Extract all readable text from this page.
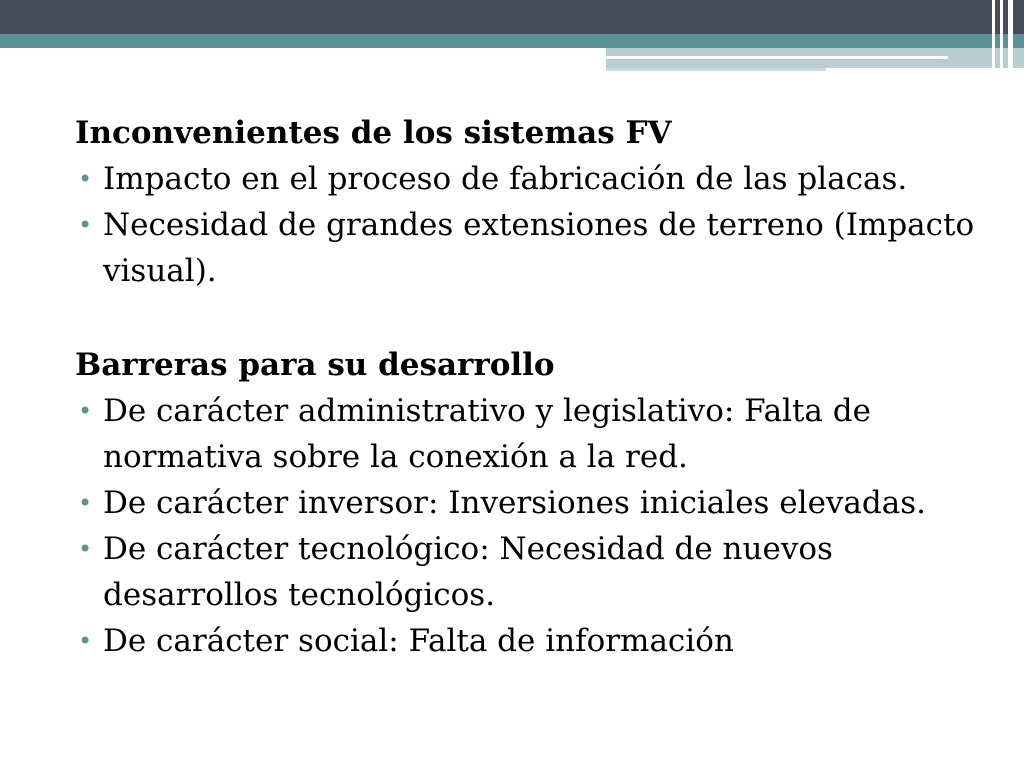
Inconvenientes de los sistemas FV

• Impacto en el proceso de fabricación de las placas.
• Necesidad de grandes extensiones de terreno (Impacto visual).

Barreras para su desarrollo

• De carácter administrativo y legislativo: Falta de normativa sobre la conexión a la red.
• De carácter inversor: Inversiones iniciales elevadas.
• De carácter tecnológico: Necesidad de nuevos desarrollos tecnológicos.
• De carácter social: Falta de información
